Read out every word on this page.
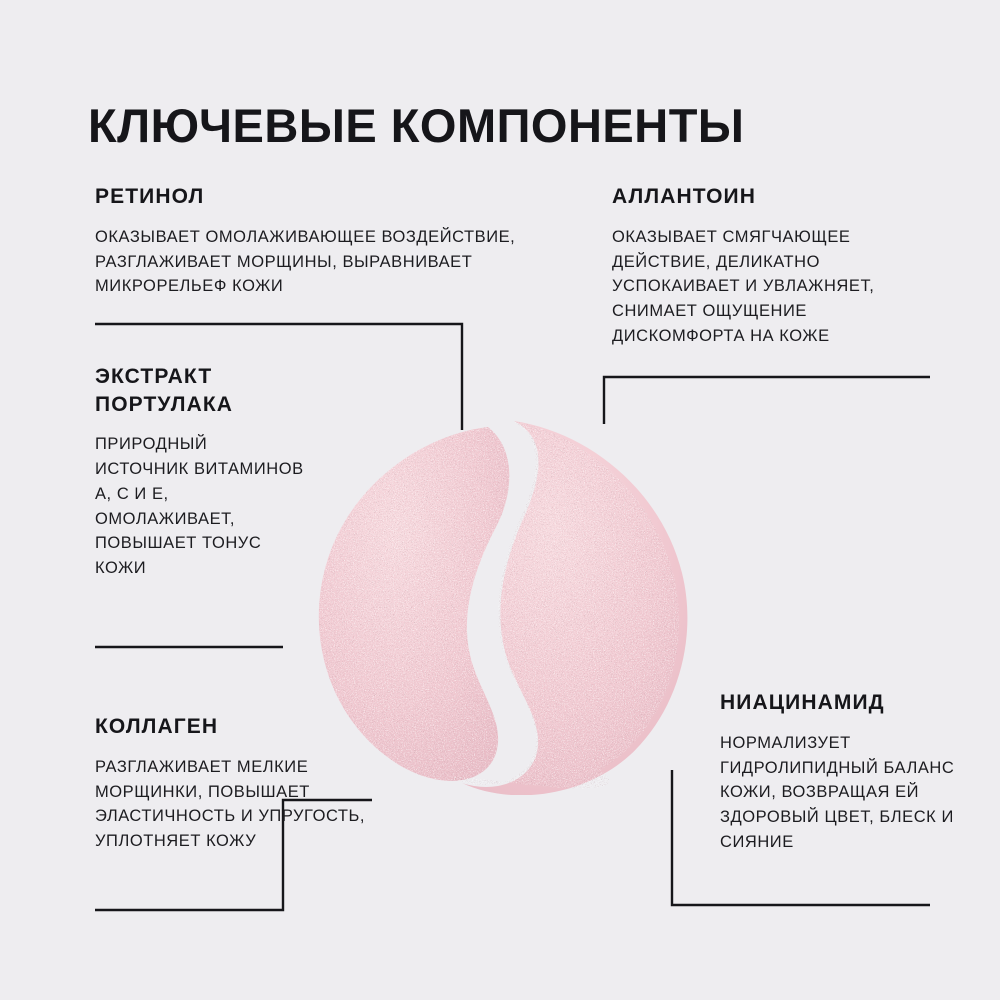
КЛЮЧЕВЫЕ КОМПОНЕНТЫ
РЕТИНОЛ

ОКАЗЫВАЕТ ОМОЛАЖИВАЮЩЕЕ ВОЗДЕЙСТВИЕ, РАЗГЛАЖИВАЕТ МОРЩИНЫ, ВЫРАВНИВАЕТ МИКРОРЕЛЬЕФ КОЖИ

АЛЛАНТОИН

ОКАЗЫВАЕТ СМЯГЧАЮЩЕЕ ДЕЙСТВИЕ, ДЕЛИКАТНО УСПОКАИВАЕТ И УВЛАЖНЯЕТ, СНИМАЕТ ОЩУЩЕНИЕ ДИСКОМФОРТА НА КОЖЕ

ЭКСТРАКТ ПОРТУЛАКА

ПРИРОДНЫЙ ИСТОЧНИК ВИТАМИНОВ А, С И Е, ОМОЛАЖИВАЕТ, ПОВЫШАЕТ ТОНУС КОЖИ

КОЛЛАГЕН

РАЗГЛАЖИВАЕТ МЕЛКИЕ МОРЩИНКИ, ПОВЫШАЕТ ЭЛАСТИЧНОСТЬ И УПРУГОСТЬ, УПЛОТНЯЕТ КОЖУ

НИАЦИНАМИД

НОРМАЛИЗУЕТ ГИДРОЛИПИДНЫЙ БАЛАНС КОЖИ, ВОЗВРАЩАЯ ЕЙ ЗДОРОВЫЙ ЦВЕТ, БЛЕСК И СИЯНИЕ
